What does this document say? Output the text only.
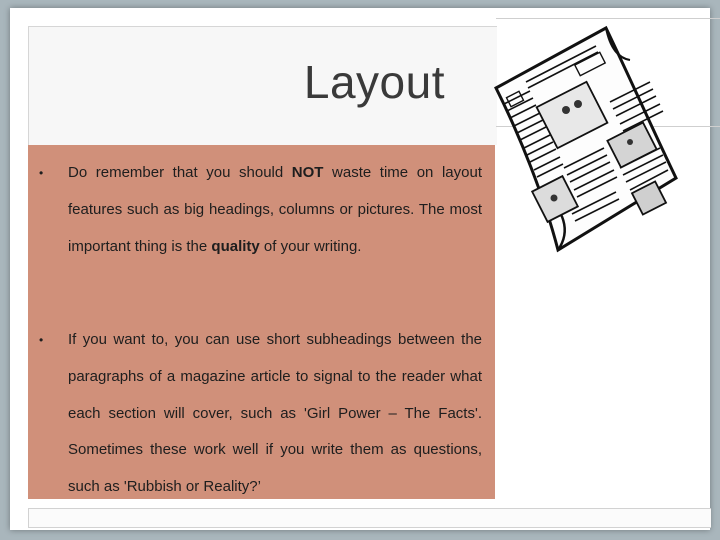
Layout
• Do remember that you should NOT waste time on layout features such as big headings, columns or pictures. The most important thing is the quality of your writing.
• If you want to, you can use short subheadings between the paragraphs of a magazine article to signal to the reader what each section will cover, such as 'Girl Power – The Facts'. Sometimes these work well if you write them as questions, such as 'Rubbish or Reality?’
